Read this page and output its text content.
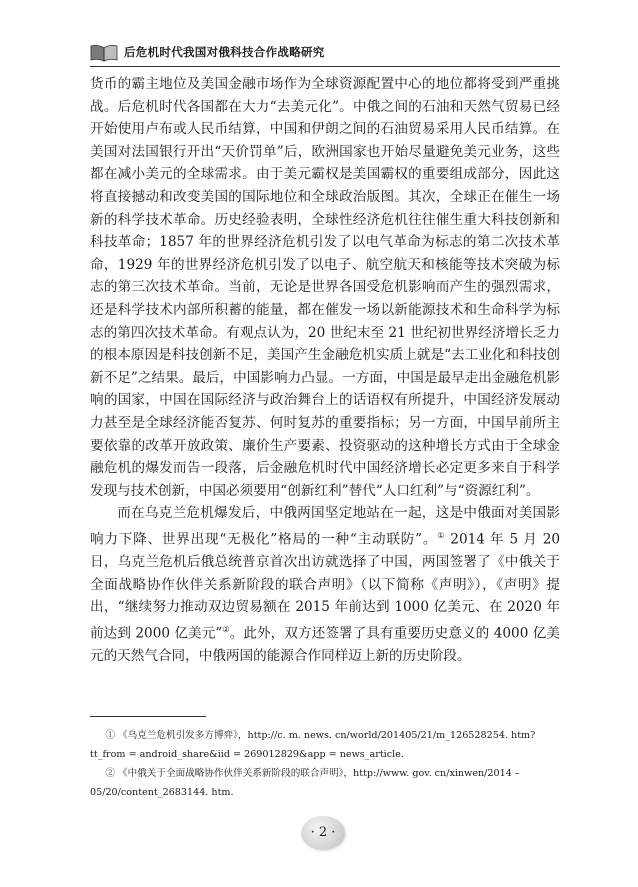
后危机时代我国对俄科技合作战略研究

货币的霸主地位及美国金融市场作为全球资源配置中心的地位都将受到严重挑战。后危机时代各国都在大力“去美元化”。中俄之间的石油和天然气贸易已经开始使用卢布或人民币结算，中国和伊朗之间的石油贸易采用人民币结算。在美国对法国银行开出“天价罚单”后，欧洲国家也开始尽量避免美元业务，这些都在减小美元的全球需求。由于美元霸权是美国霸权的重要组成部分，因此这将直接撼动和改变美国的国际地位和全球政治版图。其次，全球正在催生一场新的科学技术革命。历史经验表明，全球性经济危机往往催生重大科技创新和科技革命；1857 年的世界经济危机引发了以电气革命为标志的第二次技术革命，1929 年的世界经济危机引发了以电子、航空航天和核能等技术突破为标志的第三次技术革命。当前，无论是世界各国受危机影响而产生的强烈需求，还是科学技术内部所积蓄的能量，都在催发一场以新能源技术和生命科学为标志的第四次技术革命。有观点认为，20 世纪末至 21 世纪初世界经济增长乏力的根本原因是科技创新不足，美国产生金融危机实质上就是“去工业化和科技创新不足”之结果。最后，中国影响力凸显。一方面，中国是最早走出金融危机影响的国家，中国在国际经济与政治舞台上的话语权有所提升，中国经济发展动力甚至是全球经济能否复苏、何时复苏的重要指标；另一方面，中国早前所主要依靠的改革开放政策、廉价生产要素、投资驱动的这种增长方式由于全球金融危机的爆发而告一段落，后金融危机时代中国经济增长必定更多来自于科学发现与技术创新，中国必须要用“创新红利”替代“人口红利”与“资源红利”。

而在乌克兰危机爆发后，中俄两国坚定地站在一起，这是中俄面对美国影响力下降、世界出现“无极化”格局的一种“主动联防”。① 2014 年 5 月 20 日，乌克兰危机后俄总统普京首次出访就选择了中国，两国签署了《中俄关于全面战略协作伙伴关系新阶段的联合声明》（以下简称《声明》），《声明》提出，“继续努力推动双边贸易额在 2015 年前达到 1000 亿美元、在 2020 年前达到 2000 亿美元”②。此外，双方还签署了具有重要历史意义的 4000 亿美元的天然气合同，中俄两国的能源合作同样迈上新的历史阶段。

① 《乌克兰危机引发多方博弈》，http://c. m. news. cn/world/201405/21/m_126528254. htm? tt_from = android_share&iid = 269012829&app = news_article.

② 《中俄关于全面战略协作伙伴关系新阶段的联合声明》，http://www. gov. cn/xinwen/2014 – 05/20/content_2683144. htm.

· 2 ·
